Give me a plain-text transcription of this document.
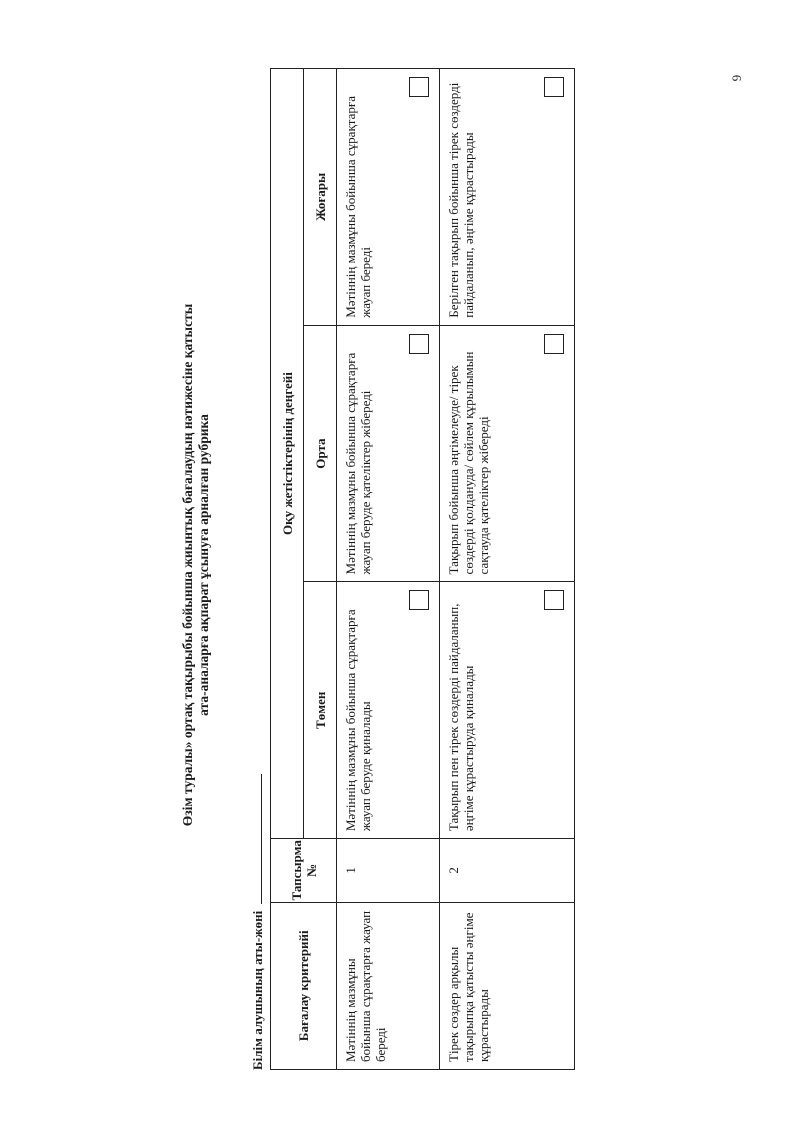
6
Өзім туралы» ортақ тақырыбы бойынша жиынтық бағалаудың нәтижесіне қатысты ата-аналарға ақпарат ұсынуға арналған рубрика
Білім алушының аты-жөні Бағалау критерийі	Тапсырма №	Оқу жетістіктерінің деңгейі		
		Төмен	Орта	Жоғары
Мәтіннің мазмұны бойынша сұрақтарға жауап береді	1	Мәтіннің мазмұны бойынша сұрақтарға жауап беруде қиналады	Мәтіннің мазмұны бойынша сұрақтарға жауап беруде қателіктер жібереді	Мәтіннің мазмұны бойынша сұрақтарға жауап береді

Тірек сөздер арқылы тақырыпқа қатысты әңгіме құрастырады	2	Тақырып пен тірек сөздерді пайдаланып, әңгіме құрастыруда қиналады	Тақырып бойынша әңгімелеуде/ тірек сөздерді қолдануда/ сөйлем құрылымын сақтауда қателіктер жібереді	Берілген тақырып бойынша тірек сөздерді пайдаланып, әңгіме құрастырады
